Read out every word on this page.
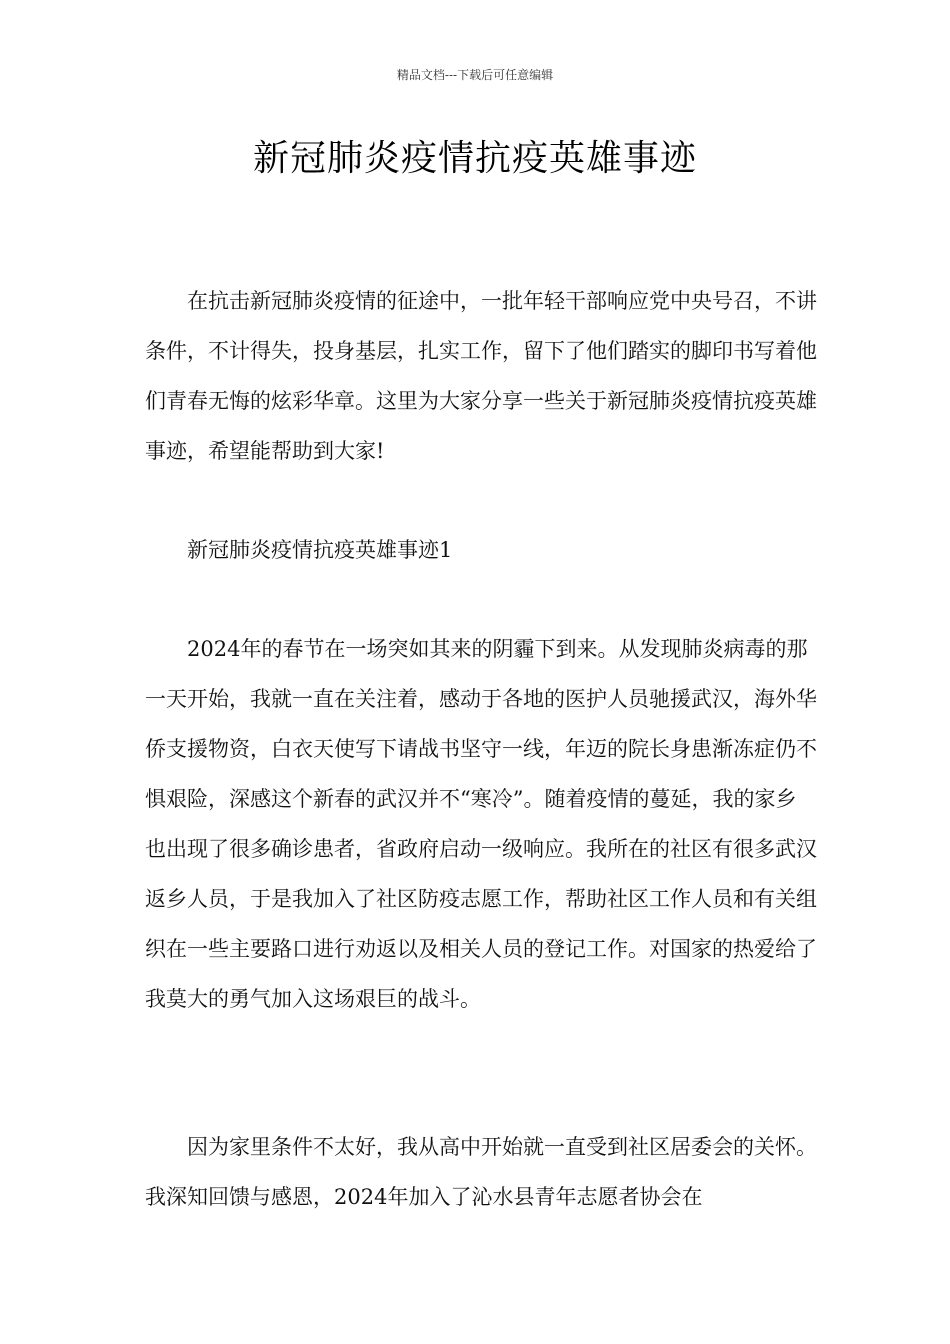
精品文档---下载后可任意编辑
新冠肺炎疫情抗疫英雄事迹

在抗击新冠肺炎疫情的征途中，一批年轻干部响应党中央号召，不讲条件，不计得失，投身基层，扎实工作，留下了他们踏实的脚印书写着他们青春无悔的炫彩华章。这里为大家分享一些关于新冠肺炎疫情抗疫英雄事迹，希望能帮助到大家!

新冠肺炎疫情抗疫英雄事迹1

2024年的春节在一场突如其来的阴霾下到来。从发现肺炎病毒的那一天开始，我就一直在关注着，感动于各地的医护人员驰援武汉，海外华侨支援物资，白衣天使写下请战书坚守一线，年迈的院长身患渐冻症仍不惧艰险，深感这个新春的武汉并不“寒冷”。随着疫情的蔓延，我的家乡也出现了很多确诊患者，省政府启动一级响应。我所在的社区有很多武汉返乡人员，于是我加入了社区防疫志愿工作，帮助社区工作人员和有关组织在一些主要路口进行劝返以及相关人员的登记工作。对国家的热爱给了我莫大的勇气加入这场艰巨的战斗。

因为家里条件不太好，我从高中开始就一直受到社区居委会的关怀。我深知回馈与感恩，2024年加入了沁水县青年志愿者协会在
